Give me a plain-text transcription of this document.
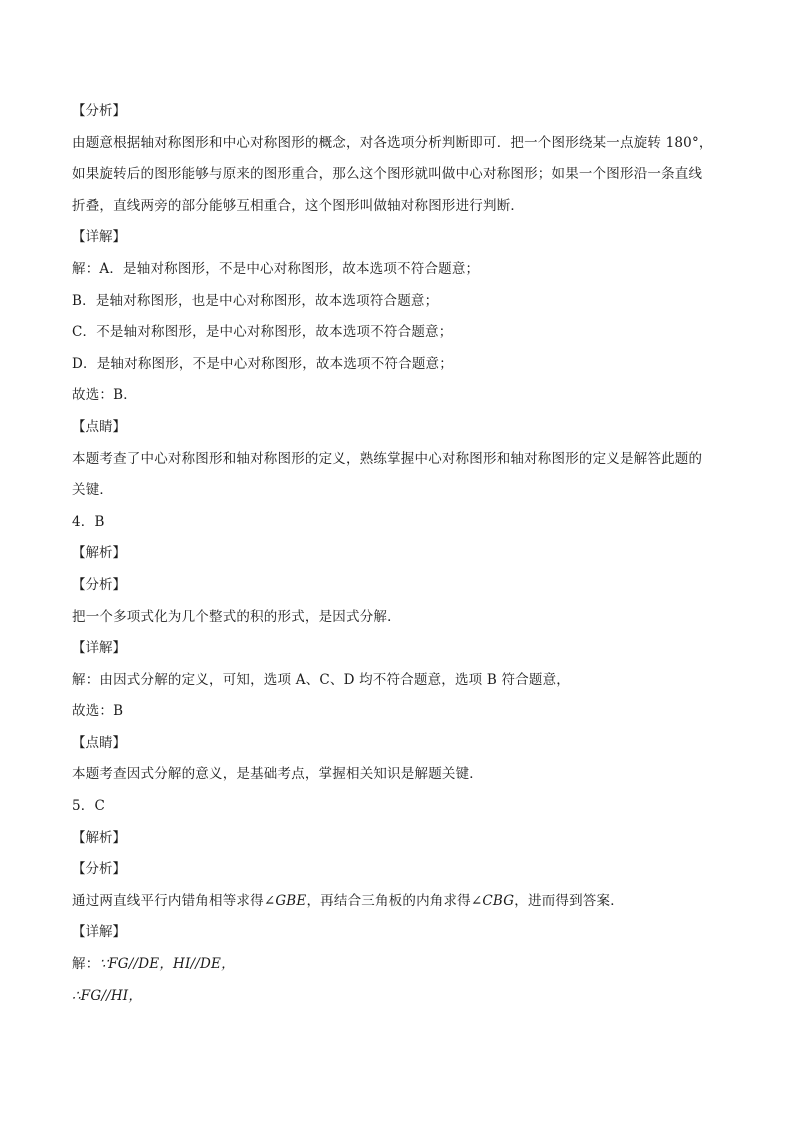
【分析】
由题意根据轴对称图形和中心对称图形的概念，对各选项分析判断即可．把一个图形绕某一点旋转 180°，
如果旋转后的图形能够与原来的图形重合，那么这个图形就叫做中心对称图形；如果一个图形沿一条直线
折叠，直线两旁的部分能够互相重合，这个图形叫做轴对称图形进行判断．
【详解】
解：A．是轴对称图形，不是中心对称图形，故本选项不符合题意；
B．是轴对称图形，也是中心对称图形，故本选项符合题意；
C．不是轴对称图形，是中心对称图形，故本选项不符合题意；
D．是轴对称图形，不是中心对称图形，故本选项不符合题意；
故选：B．
【点睛】
本题考查了中心对称图形和轴对称图形的定义，熟练掌握中心对称图形和轴对称图形的定义是解答此题的
关键．
4．B
【解析】
【分析】
把一个多项式化为几个整式的积的形式，是因式分解．
【详解】
解：由因式分解的定义，可知，选项 A、C、D 均不符合题意，选项 B 符合题意，
故选：B
【点睛】
本题考查因式分解的意义，是基础考点，掌握相关知识是解题关键．
5．C
【解析】
【分析】
通过两直线平行内错角相等求得∠GBE，再结合三角板的内角求得∠CBG，进而得到答案．
【详解】
解：∵FG//DE，HI//DE，
∴FG//HI，
